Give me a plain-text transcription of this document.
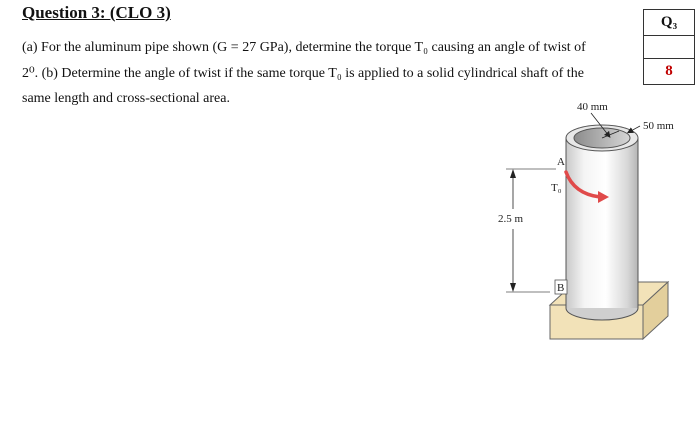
Question 3: (CLO 3)	Q₃
8

(a) For the aluminum pipe shown (G = 27 GPa), determine the torque T₀ causing an angle of twist of

2⁰. (b) Determine the angle of twist if the same torque T₀ is applied to a solid cylindrical shaft of the

same length and cross-sectional area.

40 mm
50 mm
A
B
T₀
2.5 m
